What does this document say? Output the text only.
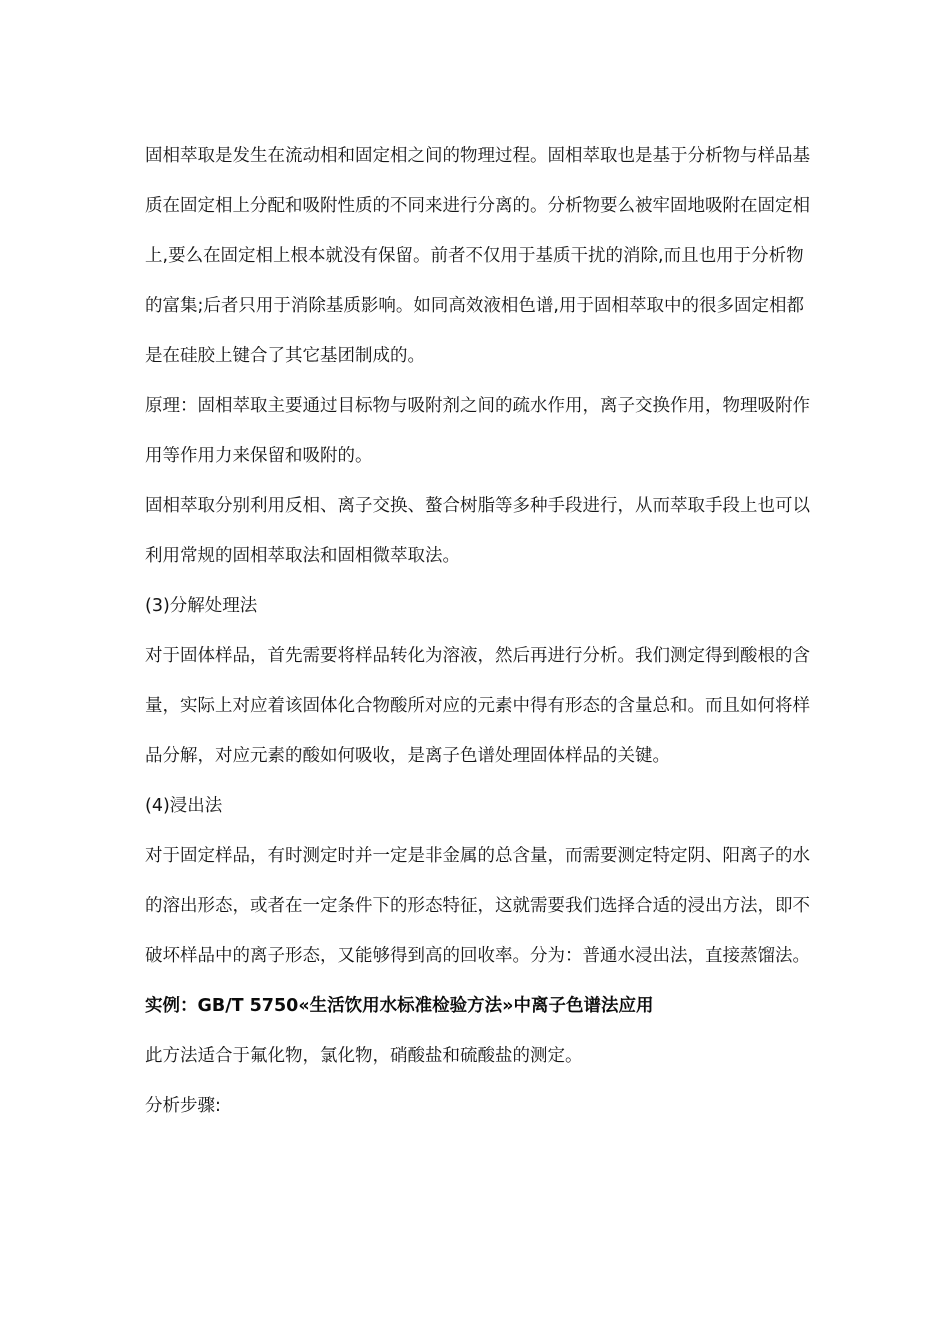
固相萃取是发生在流动相和固定相之间的物理过程。固相萃取也是基于分析物与样品基质在固定相上分配和吸附性质的不同来进行分离的。分析物要么被牢固地吸附在固定相上,要么在固定相上根本就没有保留。前者不仅用于基质干扰的消除,而且也用于分析物的富集;后者只用于消除基质影响。如同高效液相色谱,用于固相萃取中的很多固定相都是在硅胶上键合了其它基团制成的。

原理：固相萃取主要通过目标物与吸附剂之间的疏水作用，离子交换作用，物理吸附作用等作用力来保留和吸附的。

固相萃取分别利用反相、离子交换、螯合树脂等多种手段进行，从而萃取手段上也可以利用常规的固相萃取法和固相微萃取法。

(3)分解处理法

对于固体样品，首先需要将样品转化为溶液，然后再进行分析。我们测定得到酸根的含量，实际上对应着该固体化合物酸所对应的元素中得有形态的含量总和。而且如何将样品分解，对应元素的酸如何吸收，是离子色谱处理固体样品的关键。

(4)浸出法

对于固定样品，有时测定时并一定是非金属的总含量，而需要测定特定阴、阳离子的水的溶出形态，或者在一定条件下的形态特征，这就需要我们选择合适的浸出方法，即不破坏样品中的离子形态，又能够得到高的回收率。分为：普通水浸出法，直接蒸馏法。

实例：GB/T 5750«生活饮用水标准检验方法»中离子色谱法应用

此方法适合于氟化物，氯化物，硝酸盐和硫酸盐的测定。

分析步骤:
